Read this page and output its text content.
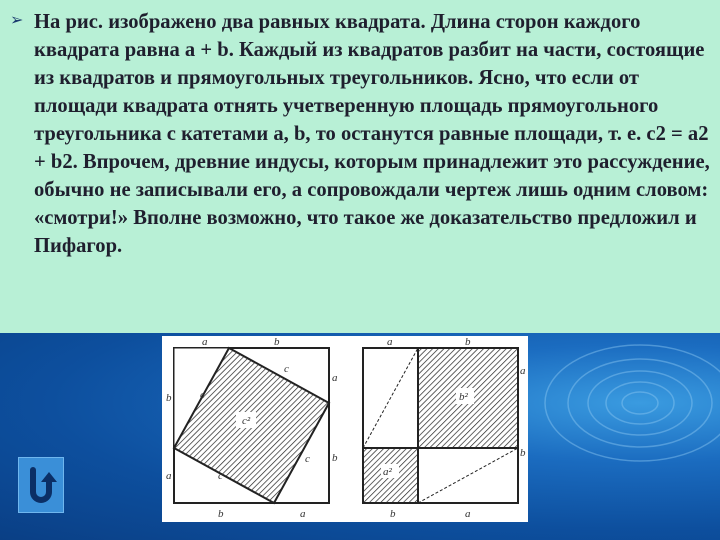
➢ На рис. изображено два равных квадрата. Длина сторон каждого квадрата равна a + b. Каждый из квадратов разбит на части, состоящие из квадратов и прямоугольных треугольников. Ясно, что если от площади квадрата отнять учетверенную площадь прямоугольного треугольника с катетами a, b, то останутся равные площади, т. е. c2 = a2 + b2. Впрочем, древние индусы, которым принадлежит это рассуждение, обычно не записывали его, а сопровождали чертеж лишь одним словом: «смотри!» Вполне возможно, что такое же доказательство предложил и Пифагор.

c²
a	b
b
a
a
b
b	a
c
c
c
c
b²
a²
a	b
a
b
b	a
